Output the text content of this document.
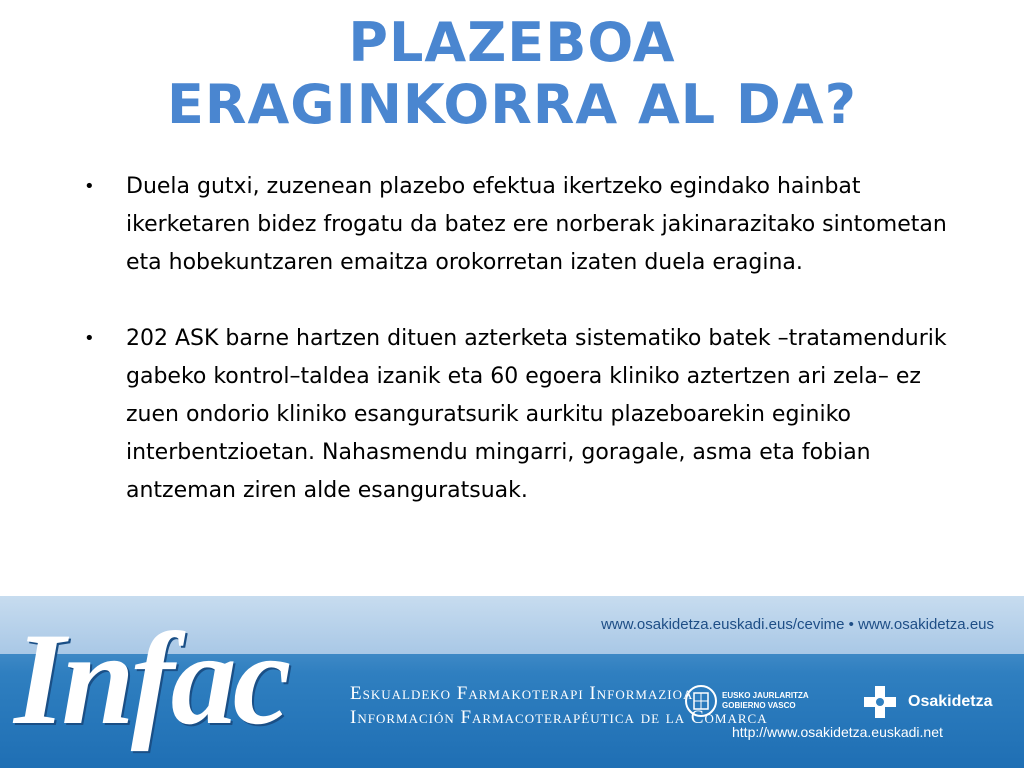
PLAZEBOA
ERAGINKORRA AL DA?
• Duela gutxi, zuzenean plazebo efektua ikertzeko egindako hainbat ikerketaren bidez frogatu da batez ere norberak jakinarazitako sintometan eta hobekuntzaren emaitza orokorretan izaten duela eragina.
• 202 ASK barne hartzen dituen azterketa sistematiko batek –tratamendurik gabeko kontrol–taldea izanik eta 60 egoera kliniko aztertzen ari zela– ez zuen ondorio kliniko esanguratsurik aurkitu plazeboarekin eginiko interbentzioetan. Nahasmendu mingarri, goragale, asma eta fobian antzeman ziren alde esanguratsuak.
www.osakidetza.euskadi.eus/cevime • www.osakidetza.eus
Infac	Eskualdeko Farmakoterapi Informazioa
Información Farmacoterapéutica de la Comarca
EUSKO JAURLARITZA
GOBIERNO VASCO	Osakidetza
http://www.osakidetza.euskadi.net
